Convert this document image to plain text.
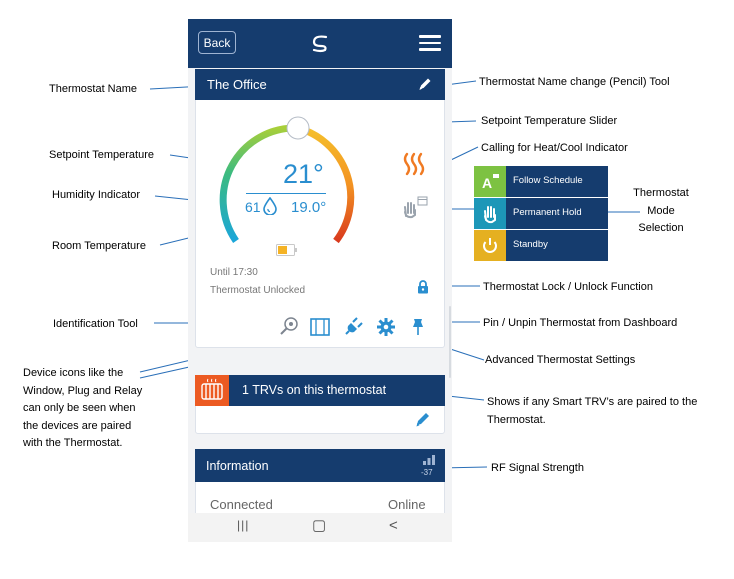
Thermostat Name
Setpoint Temperature
Humidity Indicator
Room Temperature
Identification Tool
Device icons like the
Window, Plug and Relay
can only be seen when
the devices are paired
with the Thermostat.
Thermostat Name change (Pencil) Tool
Setpoint Temperature Slider
Calling for Heat/Cool Indicator
Thermostat
Mode
Selection
Thermostat Lock / Unlock Function
Pin / Unpin Thermostat from Dashboard
Advanced Thermostat Settings
Shows if any Smart TRV’s are paired to the
Thermostat.
RF Signal Strength
A Follow Schedule
Permanent Hold
Standby
Back
The Office
21°
61 19.0°
Until 17:30
Thermostat Unlocked
1 TRVs on this thermostat
Information	-37
Connected	Online
|||	▢	<
